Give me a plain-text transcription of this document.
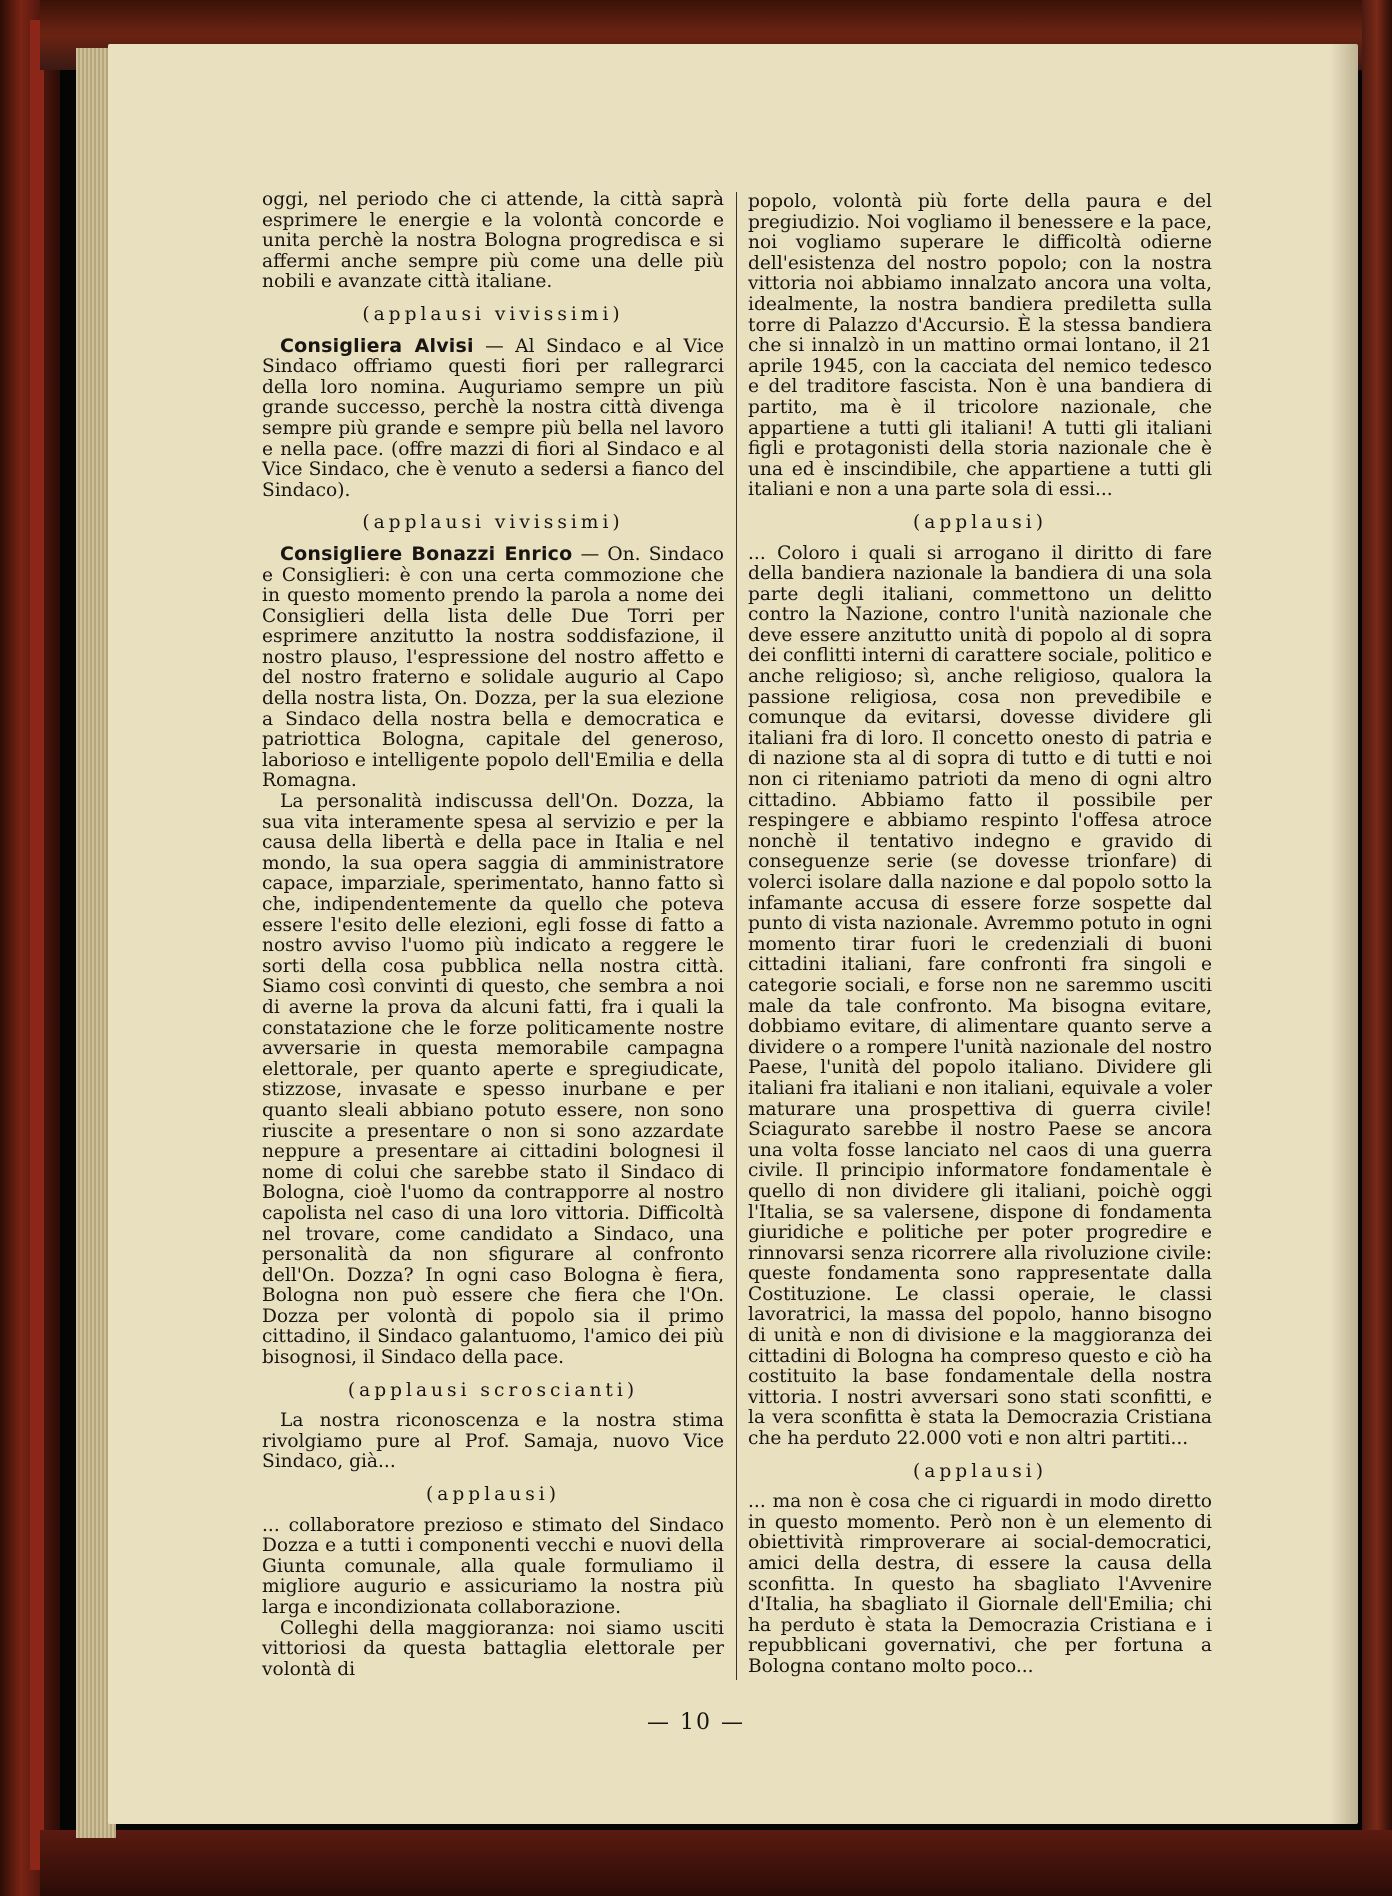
oggi, nel periodo che ci attende, la città saprà esprimere le energie e la volontà concorde e unita perchè la nostra Bologna progredisca e si affermi anche sempre più come una delle più nobili e avanzate città italiane.

(applausi vivissimi)

Consigliera Alvisi — Al Sindaco e al Vice Sindaco offriamo questi fiori per rallegrarci della loro nomina. Auguriamo sempre un più grande successo, perchè la nostra città divenga sempre più grande e sempre più bella nel lavoro e nella pace. (offre mazzi di fiori al Sindaco e al Vice Sindaco, che è venuto a sedersi a fianco del Sindaco).

(applausi vivissimi)

Consigliere Bonazzi Enrico — On. Sindaco e Consiglieri: è con una certa commozione che in questo momento prendo la parola a nome dei Consiglieri della lista delle Due Torri per esprimere anzitutto la nostra soddisfazione, il nostro plauso, l'espressione del nostro affetto e del nostro fraterno e solidale augurio al Capo della nostra lista, On. Dozza, per la sua elezione a Sindaco della nostra bella e democratica e patriottica Bologna, capitale del generoso, laborioso e intelligente popolo dell'Emilia e della Romagna.

La personalità indiscussa dell'On. Dozza, la sua vita interamente spesa al servizio e per la causa della libertà e della pace in Italia e nel mondo, la sua opera saggia di amministratore capace, imparziale, sperimentato, hanno fatto sì che, indipendentemente da quello che poteva essere l'esito delle elezioni, egli fosse di fatto a nostro avviso l'uomo più indicato a reggere le sorti della cosa pubblica nella nostra città. Siamo così convinti di questo, che sembra a noi di averne la prova da alcuni fatti, fra i quali la constatazione che le forze politicamente nostre avversarie in questa memorabile campagna elettorale, per quanto aperte e spregiudicate, stizzose, invasate e spesso inurbane e per quanto sleali abbiano potuto essere, non sono riuscite a presentare o non si sono azzardate neppure a presentare ai cittadini bolognesi il nome di colui che sarebbe stato il Sindaco di Bologna, cioè l'uomo da contrapporre al nostro capolista nel caso di una loro vittoria. Difficoltà nel trovare, come candidato a Sindaco, una personalità da non sfigurare al confronto dell'On. Dozza? In ogni caso Bologna è fiera, Bologna non può essere che fiera che l'On. Dozza per volontà di popolo sia il primo cittadino, il Sindaco galantuomo, l'amico dei più bisognosi, il Sindaco della pace.

(applausi scroscianti)

La nostra riconoscenza e la nostra stima rivolgiamo pure al Prof. Samaja, nuovo Vice Sindaco, già...

(applausi)

... collaboratore prezioso e stimato del Sindaco Dozza e a tutti i componenti vecchi e nuovi della Giunta comunale, alla quale formuliamo il migliore augurio e assicuriamo la nostra più larga e incondizionata collaborazione.

Colleghi della maggioranza: noi siamo usciti vittoriosi da questa battaglia elettorale per volontà di

popolo, volontà più forte della paura e del pregiudizio. Noi vogliamo il benessere e la pace, noi vogliamo superare le difficoltà odierne dell'esistenza del nostro popolo; con la nostra vittoria noi abbiamo innalzato ancora una volta, idealmente, la nostra bandiera prediletta sulla torre di Palazzo d'Accursio. È la stessa bandiera che si innalzò in un mattino ormai lontano, il 21 aprile 1945, con la cacciata del nemico tedesco e del traditore fascista. Non è una bandiera di partito, ma è il tricolore nazionale, che appartiene a tutti gli italiani! A tutti gli italiani figli e protagonisti della storia nazionale che è una ed è inscindibile, che appartiene a tutti gli italiani e non a una parte sola di essi...

(applausi)

... Coloro i quali si arrogano il diritto di fare della bandiera nazionale la bandiera di una sola parte degli italiani, commettono un delitto contro la Nazione, contro l'unità nazionale che deve essere anzitutto unità di popolo al di sopra dei conflitti interni di carattere sociale, politico e anche religioso; sì, anche religioso, qualora la passione religiosa, cosa non prevedibile e comunque da evitarsi, dovesse dividere gli italiani fra di loro. Il concetto onesto di patria e di nazione sta al di sopra di tutto e di tutti e noi non ci riteniamo patrioti da meno di ogni altro cittadino. Abbiamo fatto il possibile per respingere e abbiamo respinto l'offesa atroce nonchè il tentativo indegno e gravido di conseguenze serie (se dovesse trionfare) di volerci isolare dalla nazione e dal popolo sotto la infamante accusa di essere forze sospette dal punto di vista nazionale. Avremmo potuto in ogni momento tirar fuori le credenziali di buoni cittadini italiani, fare confronti fra singoli e categorie sociali, e forse non ne saremmo usciti male da tale confronto. Ma bisogna evitare, dobbiamo evitare, di alimentare quanto serve a dividere o a rompere l'unità nazionale del nostro Paese, l'unità del popolo italiano. Dividere gli italiani fra italiani e non italiani, equivale a voler maturare una prospettiva di guerra civile! Sciagurato sarebbe il nostro Paese se ancora una volta fosse lanciato nel caos di una guerra civile. Il principio informatore fondamentale è quello di non dividere gli italiani, poichè oggi l'Italia, se sa valersene, dispone di fondamenta giuridiche e politiche per poter progredire e rinnovarsi senza ricorrere alla rivoluzione civile: queste fondamenta sono rappresentate dalla Costituzione. Le classi operaie, le classi lavoratrici, la massa del popolo, hanno bisogno di unità e non di divisione e la maggioranza dei cittadini di Bologna ha compreso questo e ciò ha costituito la base fondamentale della nostra vittoria. I nostri avversari sono stati sconfitti, e la vera sconfitta è stata la Democrazia Cristiana che ha perduto 22.000 voti e non altri partiti...

(applausi)

... ma non è cosa che ci riguardi in modo diretto in questo momento. Però non è un elemento di obiettività rimproverare ai social-democratici, amici della destra, di essere la causa della sconfitta. In questo ha sbagliato l'Avvenire d'Italia, ha sbagliato il Giornale dell'Emilia; chi ha perduto è stata la Democrazia Cristiana e i repubblicani governativi, che per fortuna a Bologna contano molto poco...

— 10 —
